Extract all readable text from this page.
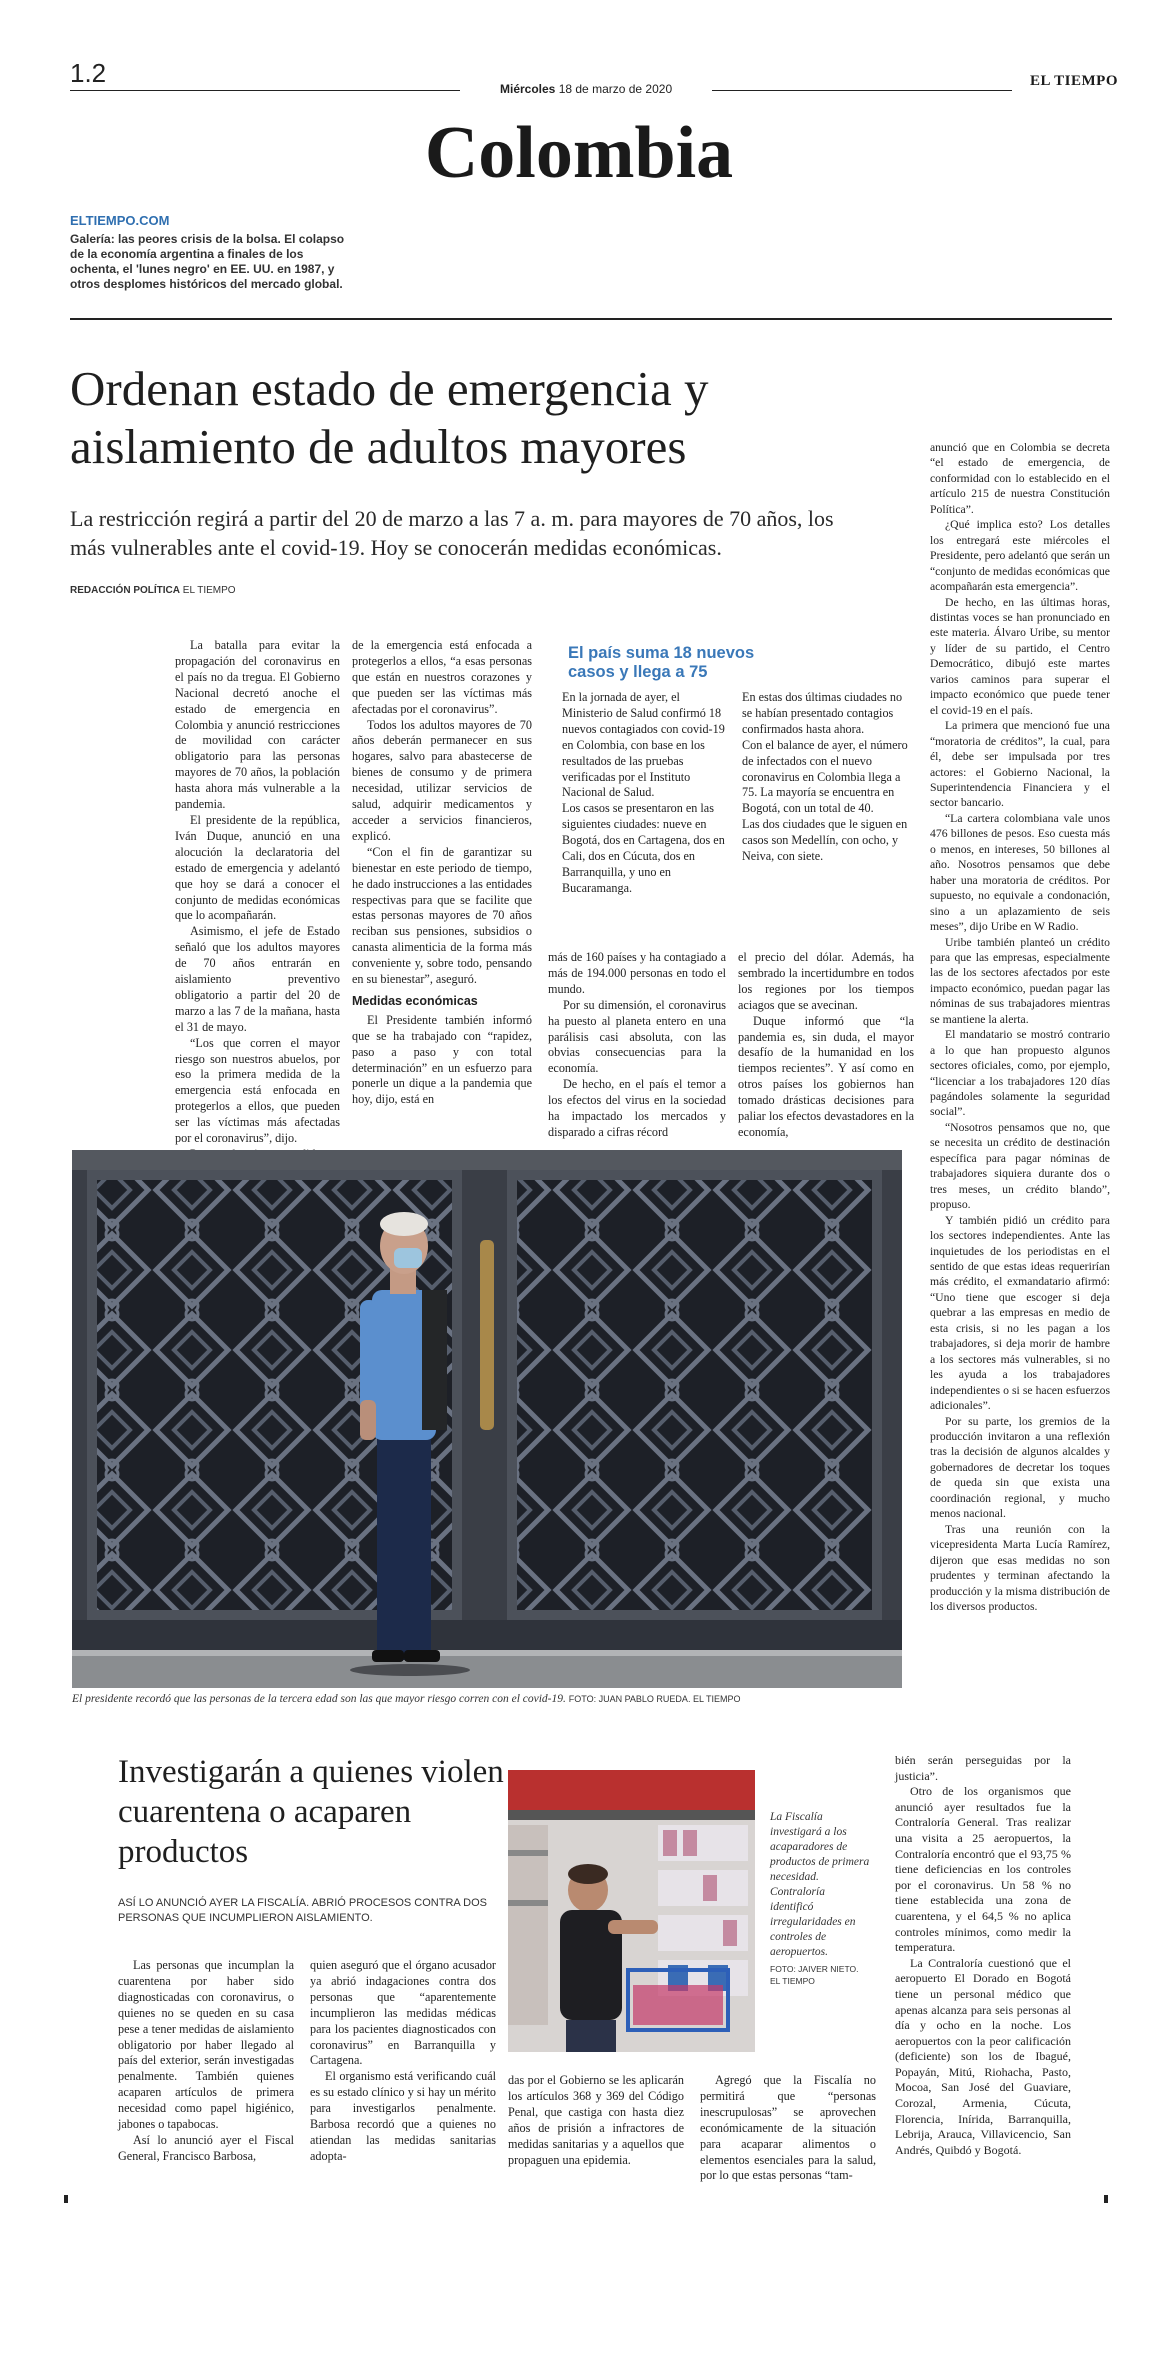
1.2
Miércoles 18 de marzo de 2020	EL TIEMPO
Colombia
ELTIEMPO.COM
Galería: las peores crisis de la bolsa. El colapso de la economía argentina a finales de los ochenta, el 'lunes negro' en EE. UU. en 1987, y otros desplomes históricos del mercado global.
Ordenan estado de emergencia y aislamiento de adultos mayores
La restricción regirá a partir del 20 de marzo a las 7 a. m. para mayores de 70 años, los más vulnerables ante el covid-19. Hoy se conocerán medidas económicas.
REDACCIÓN POLÍTICA EL TIEMPO

La batalla para evitar la propagación del coronavirus en el país no da tregua. El Gobierno Nacional decretó anoche el estado de emergencia en Colombia y anunció restricciones de movilidad con carácter obligatorio para las personas mayores de 70 años, la población hasta ahora más vulnerable a la pandemia.

El presidente de la república, Iván Duque, anunció en una alocución la declaratoria del estado de emergencia y adelantó que hoy se dará a conocer el conjunto de medidas económicas que lo acompañarán.

Asimismo, el jefe de Estado señaló que los adultos mayores de 70 años entrarán en aislamiento preventivo obligatorio a partir del 20 de marzo a las 7 de la mañana, hasta el 31 de mayo.

“Los que corren el mayor riesgo son nuestros abuelos, por eso la primera medida de la emergencia está enfocada en protegerlos a ellos, que pueden ser las víctimas más afectadas por el coronavirus”, dijo.

de la emergencia está enfocada a protegerlos a ellos, “a esas personas que están en nuestros corazones y que pueden ser las víctimas más afectadas por el coronavirus”.

Todos los adultos mayores de 70 años deberán permanecer en sus hogares, salvo para abastecerse de bienes de consumo y de primera necesidad, utilizar servicios de salud, adquirir medicamentos y acceder a servicios financieros, explicó.

“Con el fin de garantizar su bienestar en este periodo de tiempo, he dado instrucciones a las entidades respectivas para que se facilite que estas personas mayores de 70 años reciban sus pensiones, subsidios o canasta alimenticia de la forma más conveniente y, sobre todo, pensando en su bienestar”, aseguró.

Medidas económicas

El Presidente también informó que se ha trabajado con “rapidez, paso a paso y con total determinación” en un esfuerzo para ponerle un dique a la pandemia que hoy, dijo, está en

El país suma 18 nuevos casos y llega a 75

En la jornada de ayer, el Ministerio de Salud confirmó 18 nuevos contagiados con covid-19 en Colombia, con base en los resultados de las pruebas verificadas por el Instituto Nacional de Salud.

Los casos se presentaron en las siguientes ciudades: nueve en Bogotá, dos en Cartagena, dos en Cali, dos en Cúcuta, dos en Barranquilla, y uno en Bucaramanga.

En estas dos últimas ciudades no se habían presentado contagios confirmados hasta ahora.

Con el balance de ayer, el número de infectados con el nuevo coronavirus en Colombia llega a 75. La mayoría se encuentra en Bogotá, con un total de 40.

Las dos ciudades que le siguen en casos son Medellín, con ocho, y Neiva, con siete.

más de 160 países y ha contagiado a más de 194.000 personas en todo el mundo.

Por su dimensión, el coronavirus ha puesto al planeta entero en una parálisis casi absoluta, con las obvias consecuencias para la economía.

De hecho, en el país el temor a los efectos del virus en la sociedad ha impactado los mercados y disparado a cifras récord

el precio del dólar. Además, ha sembrado la incertidumbre en todos los regiones por los tiempos aciagos que se avecinan.

Duque informó que “la pandemia es, sin duda, el mayor desafío de la humanidad en los tiempos recientes”. Y así como en otros países los gobiernos han tomado drásticas decisiones para paliar los efectos devastadores en la economía,

anunció que en Colombia se decreta “el estado de emergencia, de conformidad con lo establecido en el artículo 215 de nuestra Constitución Política”.

¿Qué implica esto? Los detalles los entregará este miércoles el Presidente, pero adelantó que serán un “conjunto de medidas económicas que acompañarán esta emergencia”.

De hecho, en las últimas horas, distintas voces se han pronunciado en este materia. Álvaro Uribe, su mentor y líder de su partido, el Centro Democrático, dibujó este martes varios caminos para superar el impacto económico que puede tener el covid-19 en el país.

La primera que mencionó fue una “moratoria de créditos”, la cual, para él, debe ser impulsada por tres actores: el Gobierno Nacional, la Superintendencia Financiera y el sector bancario.

“La cartera colombiana vale unos 476 billones de pesos. Eso cuesta más o menos, en intereses, 50 billones al año. Nosotros pensamos que debe haber una moratoria de créditos. Por supuesto, no equivale a condonación, sino a un aplazamiento de seis meses”, dijo Uribe en W Radio.

Uribe también planteó un crédito para que las empresas, especialmente las de los sectores afectados por este impacto económico, puedan pagar las nóminas de sus trabajadores mientras se mantiene la alerta.

El mandatario se mostró contrario a lo que han propuesto algunos sectores oficiales, como, por ejemplo, “licenciar a los trabajadores 120 días pagándoles solamente la seguridad social”.

“Nosotros pensamos que no, que se necesita un crédito de destinación específica para pagar nóminas de trabajadores siquiera durante dos o tres meses, un crédito blando”, propuso.

Y también pidió un crédito para los sectores independientes. Ante las inquietudes de los periodistas en el sentido de que estas ideas requerirían más crédito, el exmandatario afirmó: “Uno tiene que escoger si deja quebrar a las empresas en medio de esta crisis, si no les pagan a los trabajadores, si deja morir de hambre a los sectores más vulnerables, si no les ayuda a los trabajadores independientes o si se hacen esfuerzos adicionales”.

Por su parte, los gremios de la producción invitaron a una reflexión tras la decisión de algunos alcaldes y gobernadores de decretar los toques de queda sin que exista una coordinación regional, y mucho menos nacional.

Tras una reunión con la vicepresidenta Marta Lucía Ramírez, dijeron que esas medidas no son prudentes y terminan afectando la producción y la misma distribución de los diversos productos.

El presidente recordó que las personas de la tercera edad son las que mayor riesgo corren con el covid-19. FOTO: JUAN PABLO RUEDA. EL TIEMPO
Investigarán a quienes violen cuarentena o acaparen productos
ASÍ LO ANUNCIÓ AYER LA FISCALÍA. ABRIÓ PROCESOS CONTRA DOS PERSONAS QUE INCUMPLIERON AISLAMIENTO.
La Fiscalía investigará a los acaparadores de productos de primera necesidad. Contraloría identificó irregularidades en controles de aeropuertos.
FOTO: JAIVER NIETO. EL TIEMPO

Las personas que incumplan la cuarentena por haber sido diagnosticadas con coronavirus, o quienes no se queden en su casa pese a tener medidas de aislamiento obligatorio por haber llegado al país del exterior, serán investigadas penalmente. También quienes acaparen artículos de primera necesidad como papel higiénico, jabones o tapabocas.

Así lo anunció ayer el Fiscal General, Francisco Barbosa,

quien aseguró que el órgano acusador ya abrió indagaciones contra dos personas que “aparentemente incumplieron las medidas médicas para los pacientes diagnosticados con coronavirus” en Barranquilla y Cartagena.

El organismo está verificando cuál es su estado clínico y si hay un mérito para investigarlos penalmente. Barbosa recordó que a quienes no atiendan las medidas sanitarias adopta-

das por el Gobierno se les aplicarán los artículos 368 y 369 del Código Penal, que castiga con hasta diez años de prisión a infractores de medidas sanitarias y a aquellos que propaguen una epidemia.

Agregó que la Fiscalía no permitirá que “personas inescrupulosas” se aprovechen económicamente de la situación para acaparar alimentos o elementos esenciales para la salud, por lo que estas personas “tam-

bién serán perseguidas por la justicia”.

Otro de los organismos que anunció ayer resultados fue la Contraloría General. Tras realizar una visita a 25 aeropuertos, la Contraloría encontró que el 93,75 % tiene deficiencias en los controles por el coronavirus. Un 58 % no tiene establecida una zona de cuarentena, y el 64,5 % no aplica controles mínimos, como medir la temperatura.

La Contraloría cuestionó que el aeropuerto El Dorado en Bogotá tiene un personal médico que apenas alcanza para seis personas al día y ocho en la noche. Los aeropuertos con la peor calificación (deficiente) son los de Ibagué, Popayán, Mitú, Riohacha, Pasto, Mocoa, San José del Guaviare, Corozal, Armenia, Cúcuta, Florencia, Inírida, Barranquilla, Lebrija, Arauca, Villavicencio, San Andrés, Quibdó y Bogotá.
